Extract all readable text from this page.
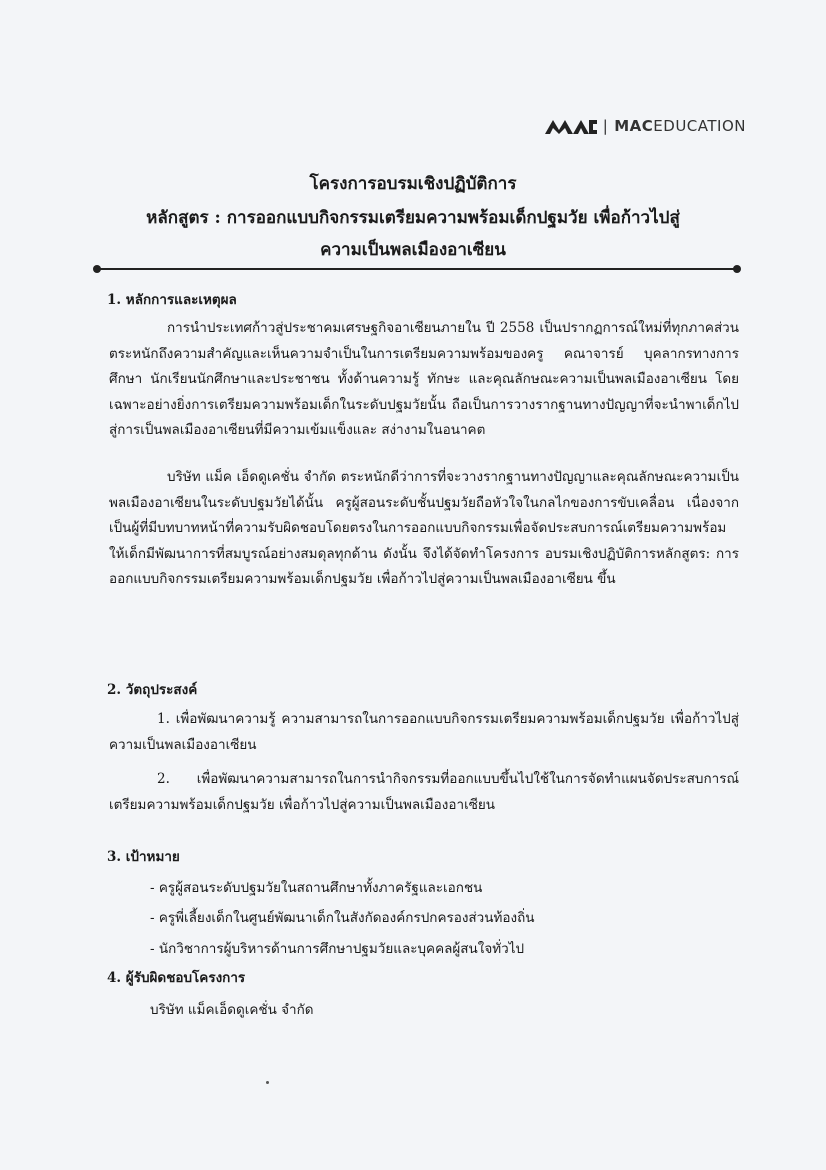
| MACEDUCATION
โครงการอบรมเชิงปฏิบัติการ
หลักสูตร : การออกแบบกิจกรรมเตรียมความพร้อมเด็กปฐมวัย เพื่อก้าวไปสู่
ความเป็นพลเมืองอาเซียน
1. หลักการและเหตุผล
การนำประเทศก้าวสู่ประชาคมเศรษฐกิจอาเซียนภายใน ปี 2558 เป็นปรากฏการณ์ใหม่ที่ทุกภาคส่วนตระหนักถึงความสำคัญและเห็นความจำเป็นในการเตรียมความพร้อมของครู คณาจารย์ บุคลากรทางการศึกษา นักเรียนนักศึกษาและประชาชน ทั้งด้านความรู้ ทักษะ และคุณลักษณะความเป็นพลเมืองอาเซียน โดยเฉพาะอย่างยิ่งการเตรียมความพร้อมเด็กในระดับปฐมวัยนั้น ถือเป็นการวางรากฐานทางปัญญาที่จะนำพาเด็กไปสู่การเป็นพลเมืองอาเซียนที่มีความเข้มแข็งและ สง่างามในอนาคต
บริษัท แม็ค เอ็ดดูเคชั่น จำกัด ตระหนักดีว่าการที่จะวางรากฐานทางปัญญาและคุณลักษณะความเป็นพลเมืองอาเซียนในระดับปฐมวัยได้นั้น ครูผู้สอนระดับชั้นปฐมวัยถือหัวใจในกลไกของการขับเคลื่อน เนื่องจากเป็นผู้ที่มีบทบาทหน้าที่ความรับผิดชอบโดยตรงในการออกแบบกิจกรรมเพื่อจัดประสบการณ์เตรียมความพร้อมให้เด็กมีพัฒนาการที่สมบูรณ์อย่างสมดุลทุกด้าน ดังนั้น จึงได้จัดทำโครงการ อบรมเชิงปฏิบัติการหลักสูตร: การออกแบบกิจกรรมเตรียมความพร้อมเด็กปฐมวัย เพื่อก้าวไปสู่ความเป็นพลเมืองอาเซียน ขึ้น
2. วัตถุประสงค์
1. เพื่อพัฒนาความรู้ ความสามารถในการออกแบบกิจกรรมเตรียมความพร้อมเด็กปฐมวัย เพื่อก้าวไปสู่ความเป็นพลเมืองอาเซียน
2. เพื่อพัฒนาความสามารถในการนำกิจกรรมที่ออกแบบขึ้นไปใช้ในการจัดทำแผนจัดประสบการณ์เตรียมความพร้อมเด็กปฐมวัย เพื่อก้าวไปสู่ความเป็นพลเมืองอาเซียน
3. เป้าหมาย
- ครูผู้สอนระดับปฐมวัยในสถานศึกษาทั้งภาครัฐและเอกชน
- ครูพี่เลี้ยงเด็กในศูนย์พัฒนาเด็กในสังกัดองค์กรปกครองส่วนท้องถิ่น
- นักวิชาการผู้บริหารด้านการศึกษาปฐมวัยและบุคคลผู้สนใจทั่วไป
4. ผู้รับผิดชอบโครงการ
บริษัท แม็คเอ็ดดูเคชั่น จำกัด
